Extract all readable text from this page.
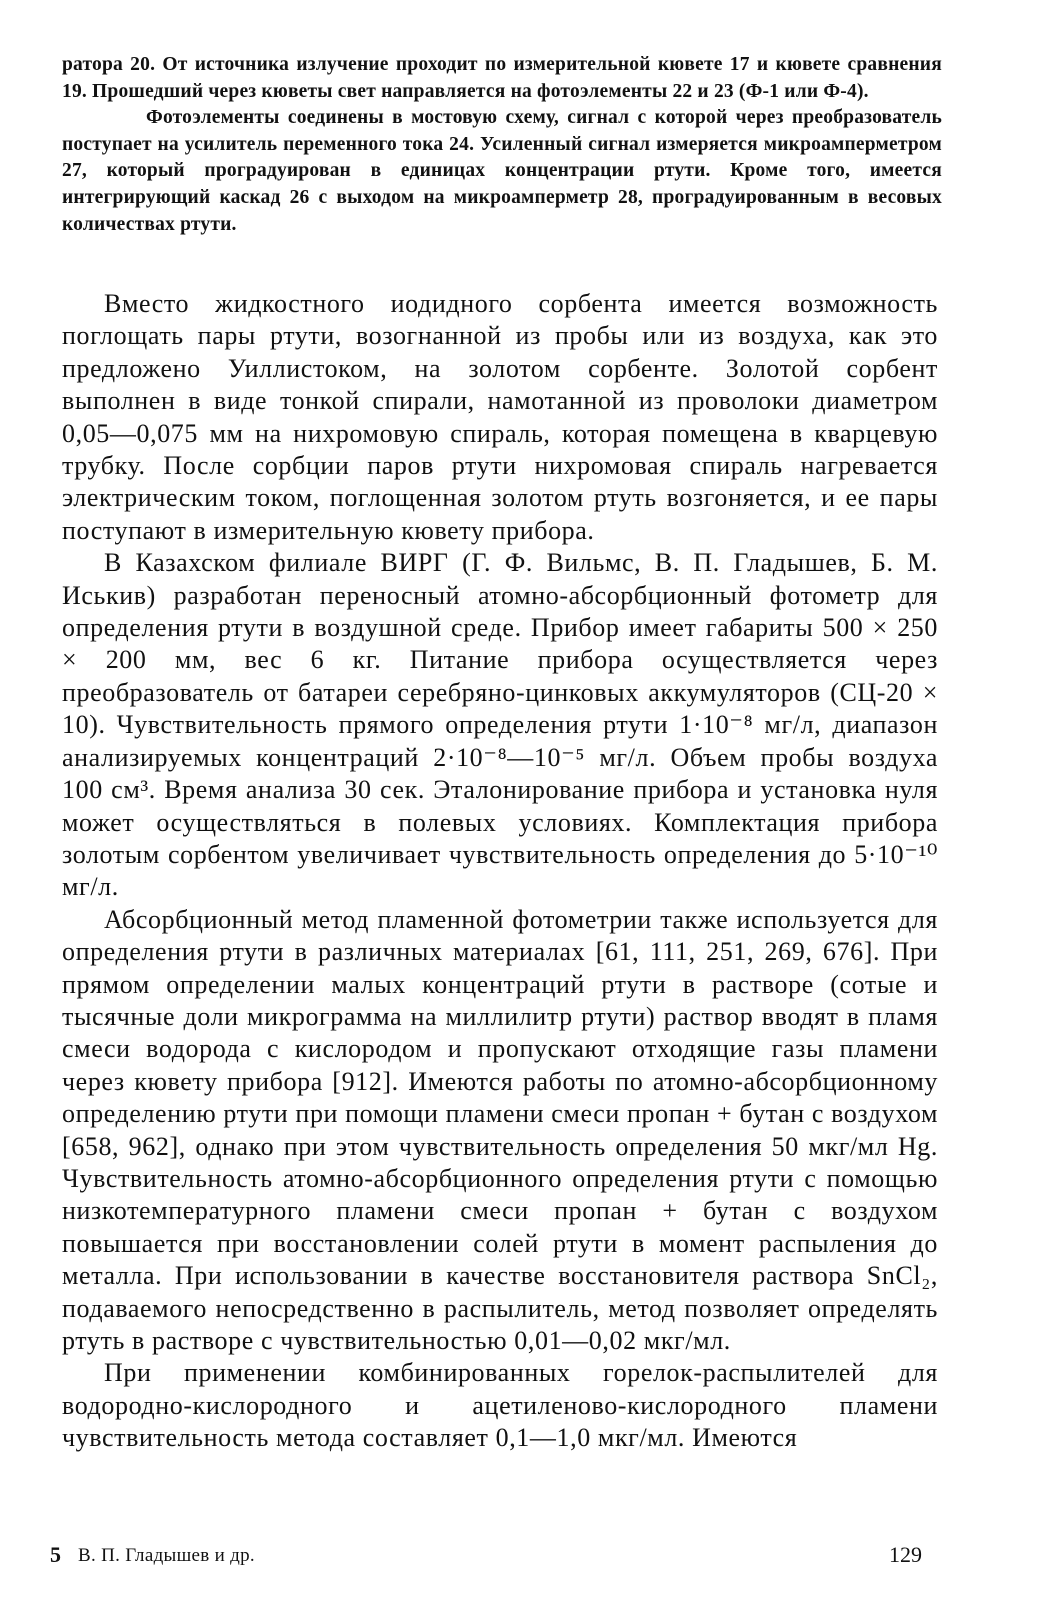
ратора 20. От источника излучение проходит по измерительной кювете 17 и кювете сравнения 19. Прошедший через кюветы свет направляется на фотоэлементы 22 и 23 (Ф-1 или Ф-4).

Фотоэлементы соединены в мостовую схему, сигнал с которой через преобразователь поступает на усилитель переменного тока 24. Усиленный сигнал измеряется микроамперметром 27, который проградуирован в единицах концентрации ртути. Кроме того, имеется интегрирующий каскад 26 с выходом на микроамперметр 28, проградуированным в весовых количествах ртути.

Вместо жидкостного иодидного сорбента имеется возможность поглощать пары ртути, возогнанной из пробы или из воздуха, как это предложено Уиллистоком, на золотом сорбенте. Золотой сорбент выполнен в виде тонкой спирали, намотанной из проволоки диаметром 0,05—0,075 мм на нихромовую спираль, которая помещена в кварцевую трубку. После сорбции паров ртути нихромовая спираль нагревается электрическим током, поглощенная золотом ртуть возгоняется, и ее пары поступают в измерительную кювету прибора.

В Казахском филиале ВИРГ (Г. Ф. Вильмс, В. П. Гладышев, Б. М. Иськив) разработан переносный атомно-абсорбционный фотометр для определения ртути в воздушной среде. Прибор имеет габариты 500 × 250 × 200 мм, вес 6 кг. Питание прибора осуществляется через преобразователь от батареи серебряно-цинковых аккумуляторов (СЦ-20 × 10). Чувствительность прямого определения ртути 1·10⁻⁸ мг/л, диапазон анализируемых концентраций 2·10⁻⁸—10⁻⁵ мг/л. Объем пробы воздуха 100 см³. Время анализа 30 сек. Эталонирование прибора и установка нуля может осуществляться в полевых условиях. Комплектация прибора золотым сорбентом увеличивает чувствительность определения до 5·10⁻¹⁰ мг/л.

Абсорбционный метод пламенной фотометрии также используется для определения ртути в различных материалах [61, 111, 251, 269, 676]. При прямом определении малых концентраций ртути в растворе (сотые и тысячные доли микрограмма на миллилитр ртути) раствор вводят в пламя смеси водорода с кислородом и пропускают отходящие газы пламени через кювету прибора [912]. Имеются работы по атомно-абсорбционному определению ртути при помощи пламени смеси пропан + бутан с воздухом [658, 962], однако при этом чувствительность определения 50 мкг/мл Hg. Чувствительность атомно-абсорбционного определения ртути с помощью низкотемпературного пламени смеси пропан + бутан с воздухом повышается при восстановлении солей ртути в момент распыления до металла. При использовании в качестве восстановителя раствора SnCl₂, подаваемого непосредственно в распылитель, метод позволяет определять ртуть в растворе с чувствительностью 0,01—0,02 мкг/мл.

При применении комбинированных горелок-распылителей для водородно-кислородного и ацетиленово-кислородного пламени чувствительность метода составляет 0,1—1,0 мкг/мл. Имеются

5 В. П. Гладышев и др.	129
